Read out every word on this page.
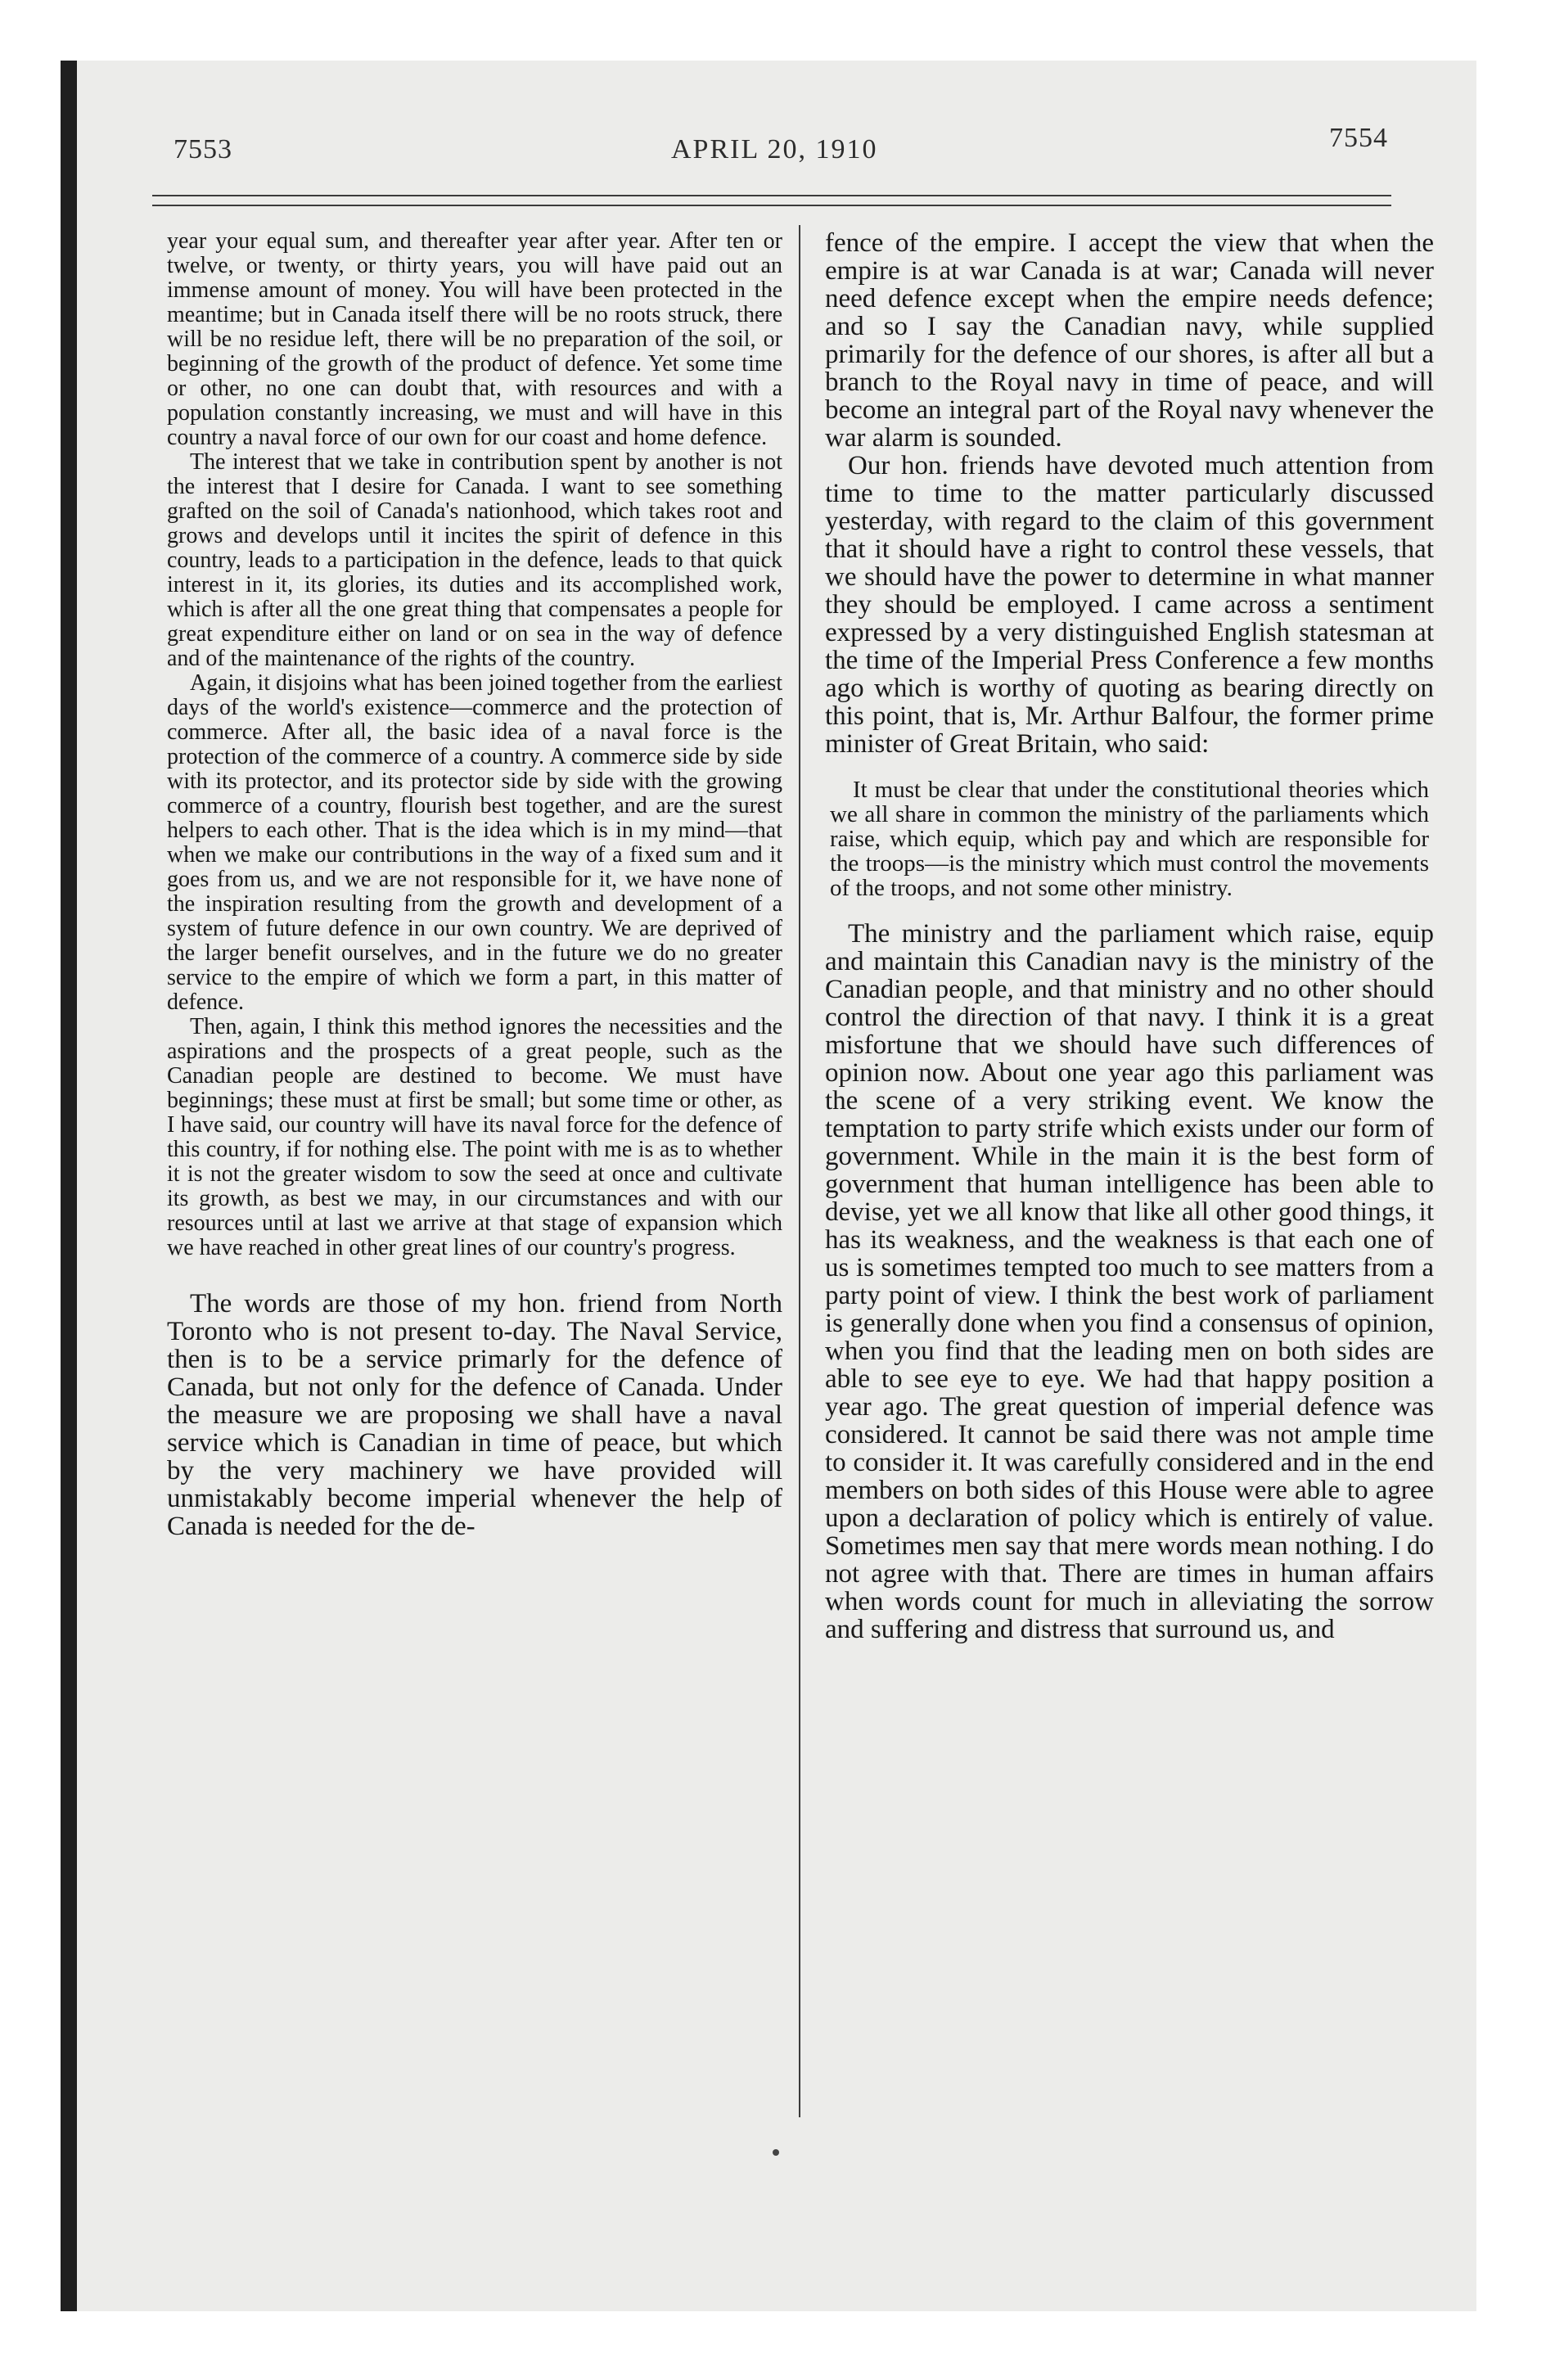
7553	APRIL 20, 1910	7554

year your equal sum, and thereafter year after year. After ten or twelve, or twenty, or thirty years, you will have paid out an immense amount of money. You will have been protected in the meantime; but in Canada itself there will be no roots struck, there will be no residue left, there will be no preparation of the soil, or beginning of the growth of the product of defence. Yet some time or other, no one can doubt that, with resources and with a population constantly increasing, we must and will have in this country a naval force of our own for our coast and home defence.

The interest that we take in contribution spent by another is not the interest that I desire for Canada. I want to see something grafted on the soil of Canada's nationhood, which takes root and grows and develops until it incites the spirit of defence in this country, leads to a participation in the defence, leads to that quick interest in it, its glories, its duties and its accomplished work, which is after all the one great thing that compensates a people for great expenditure either on land or on sea in the way of defence and of the maintenance of the rights of the country.

Again, it disjoins what has been joined together from the earliest days of the world's existence—commerce and the protection of commerce. After all, the basic idea of a naval force is the protection of the commerce of a country. A commerce side by side with its protector, and its protector side by side with the growing commerce of a country, flourish best together, and are the surest helpers to each other. That is the idea which is in my mind—that when we make our contributions in the way of a fixed sum and it goes from us, and we are not responsible for it, we have none of the inspiration resulting from the growth and development of a system of future defence in our own country. We are deprived of the larger benefit ourselves, and in the future we do no greater service to the empire of which we form a part, in this matter of defence.

Then, again, I think this method ignores the necessities and the aspirations and the prospects of a great people, such as the Canadian people are destined to become. We must have beginnings; these must at first be small; but some time or other, as I have said, our country will have its naval force for the defence of this country, if for nothing else. The point with me is as to whether it is not the greater wisdom to sow the seed at once and cultivate its growth, as best we may, in our circumstances and with our resources until at last we arrive at that stage of expansion which we have reached in other great lines of our country's progress.

The words are those of my hon. friend from North Toronto who is not present to-day. The Naval Service, then is to be a service primarly for the defence of Canada, but not only for the defence of Canada. Under the measure we are proposing we shall have a naval service which is Canadian in time of peace, but which by the very machinery we have provided will unmistakably become imperial whenever the help of Canada is needed for the de-

fence of the empire. I accept the view that when the empire is at war Canada is at war; Canada will never need defence except when the empire needs defence; and so I say the Canadian navy, while supplied primarily for the defence of our shores, is after all but a branch to the Royal navy in time of peace, and will become an integral part of the Royal navy whenever the war alarm is sounded.

Our hon. friends have devoted much attention from time to time to the matter particularly discussed yesterday, with regard to the claim of this government that it should have a right to control these vessels, that we should have the power to determine in what manner they should be employed. I came across a sentiment expressed by a very distinguished English statesman at the time of the Imperial Press Conference a few months ago which is worthy of quoting as bearing directly on this point, that is, Mr. Arthur Balfour, the former prime minister of Great Britain, who said:

It must be clear that under the constitutional theories which we all share in common the ministry of the parliaments which raise, which equip, which pay and which are responsible for the troops—is the ministry which must control the movements of the troops, and not some other ministry.

The ministry and the parliament which raise, equip and maintain this Canadian navy is the ministry of the Canadian people, and that ministry and no other should control the direction of that navy. I think it is a great misfortune that we should have such differences of opinion now. About one year ago this parliament was the scene of a very striking event. We know the temptation to party strife which exists under our form of government. While in the main it is the best form of government that human intelligence has been able to devise, yet we all know that like all other good things, it has its weakness, and the weakness is that each one of us is sometimes tempted too much to see matters from a party point of view. I think the best work of parliament is generally done when you find a consensus of opinion, when you find that the leading men on both sides are able to see eye to eye. We had that happy position a year ago. The great question of imperial defence was considered. It cannot be said there was not ample time to consider it. It was carefully considered and in the end members on both sides of this House were able to agree upon a declaration of policy which is entirely of value. Sometimes men say that mere words mean nothing. I do not agree with that. There are times in human affairs when words count for much in alleviating the sorrow and suffering and distress that surround us, and
